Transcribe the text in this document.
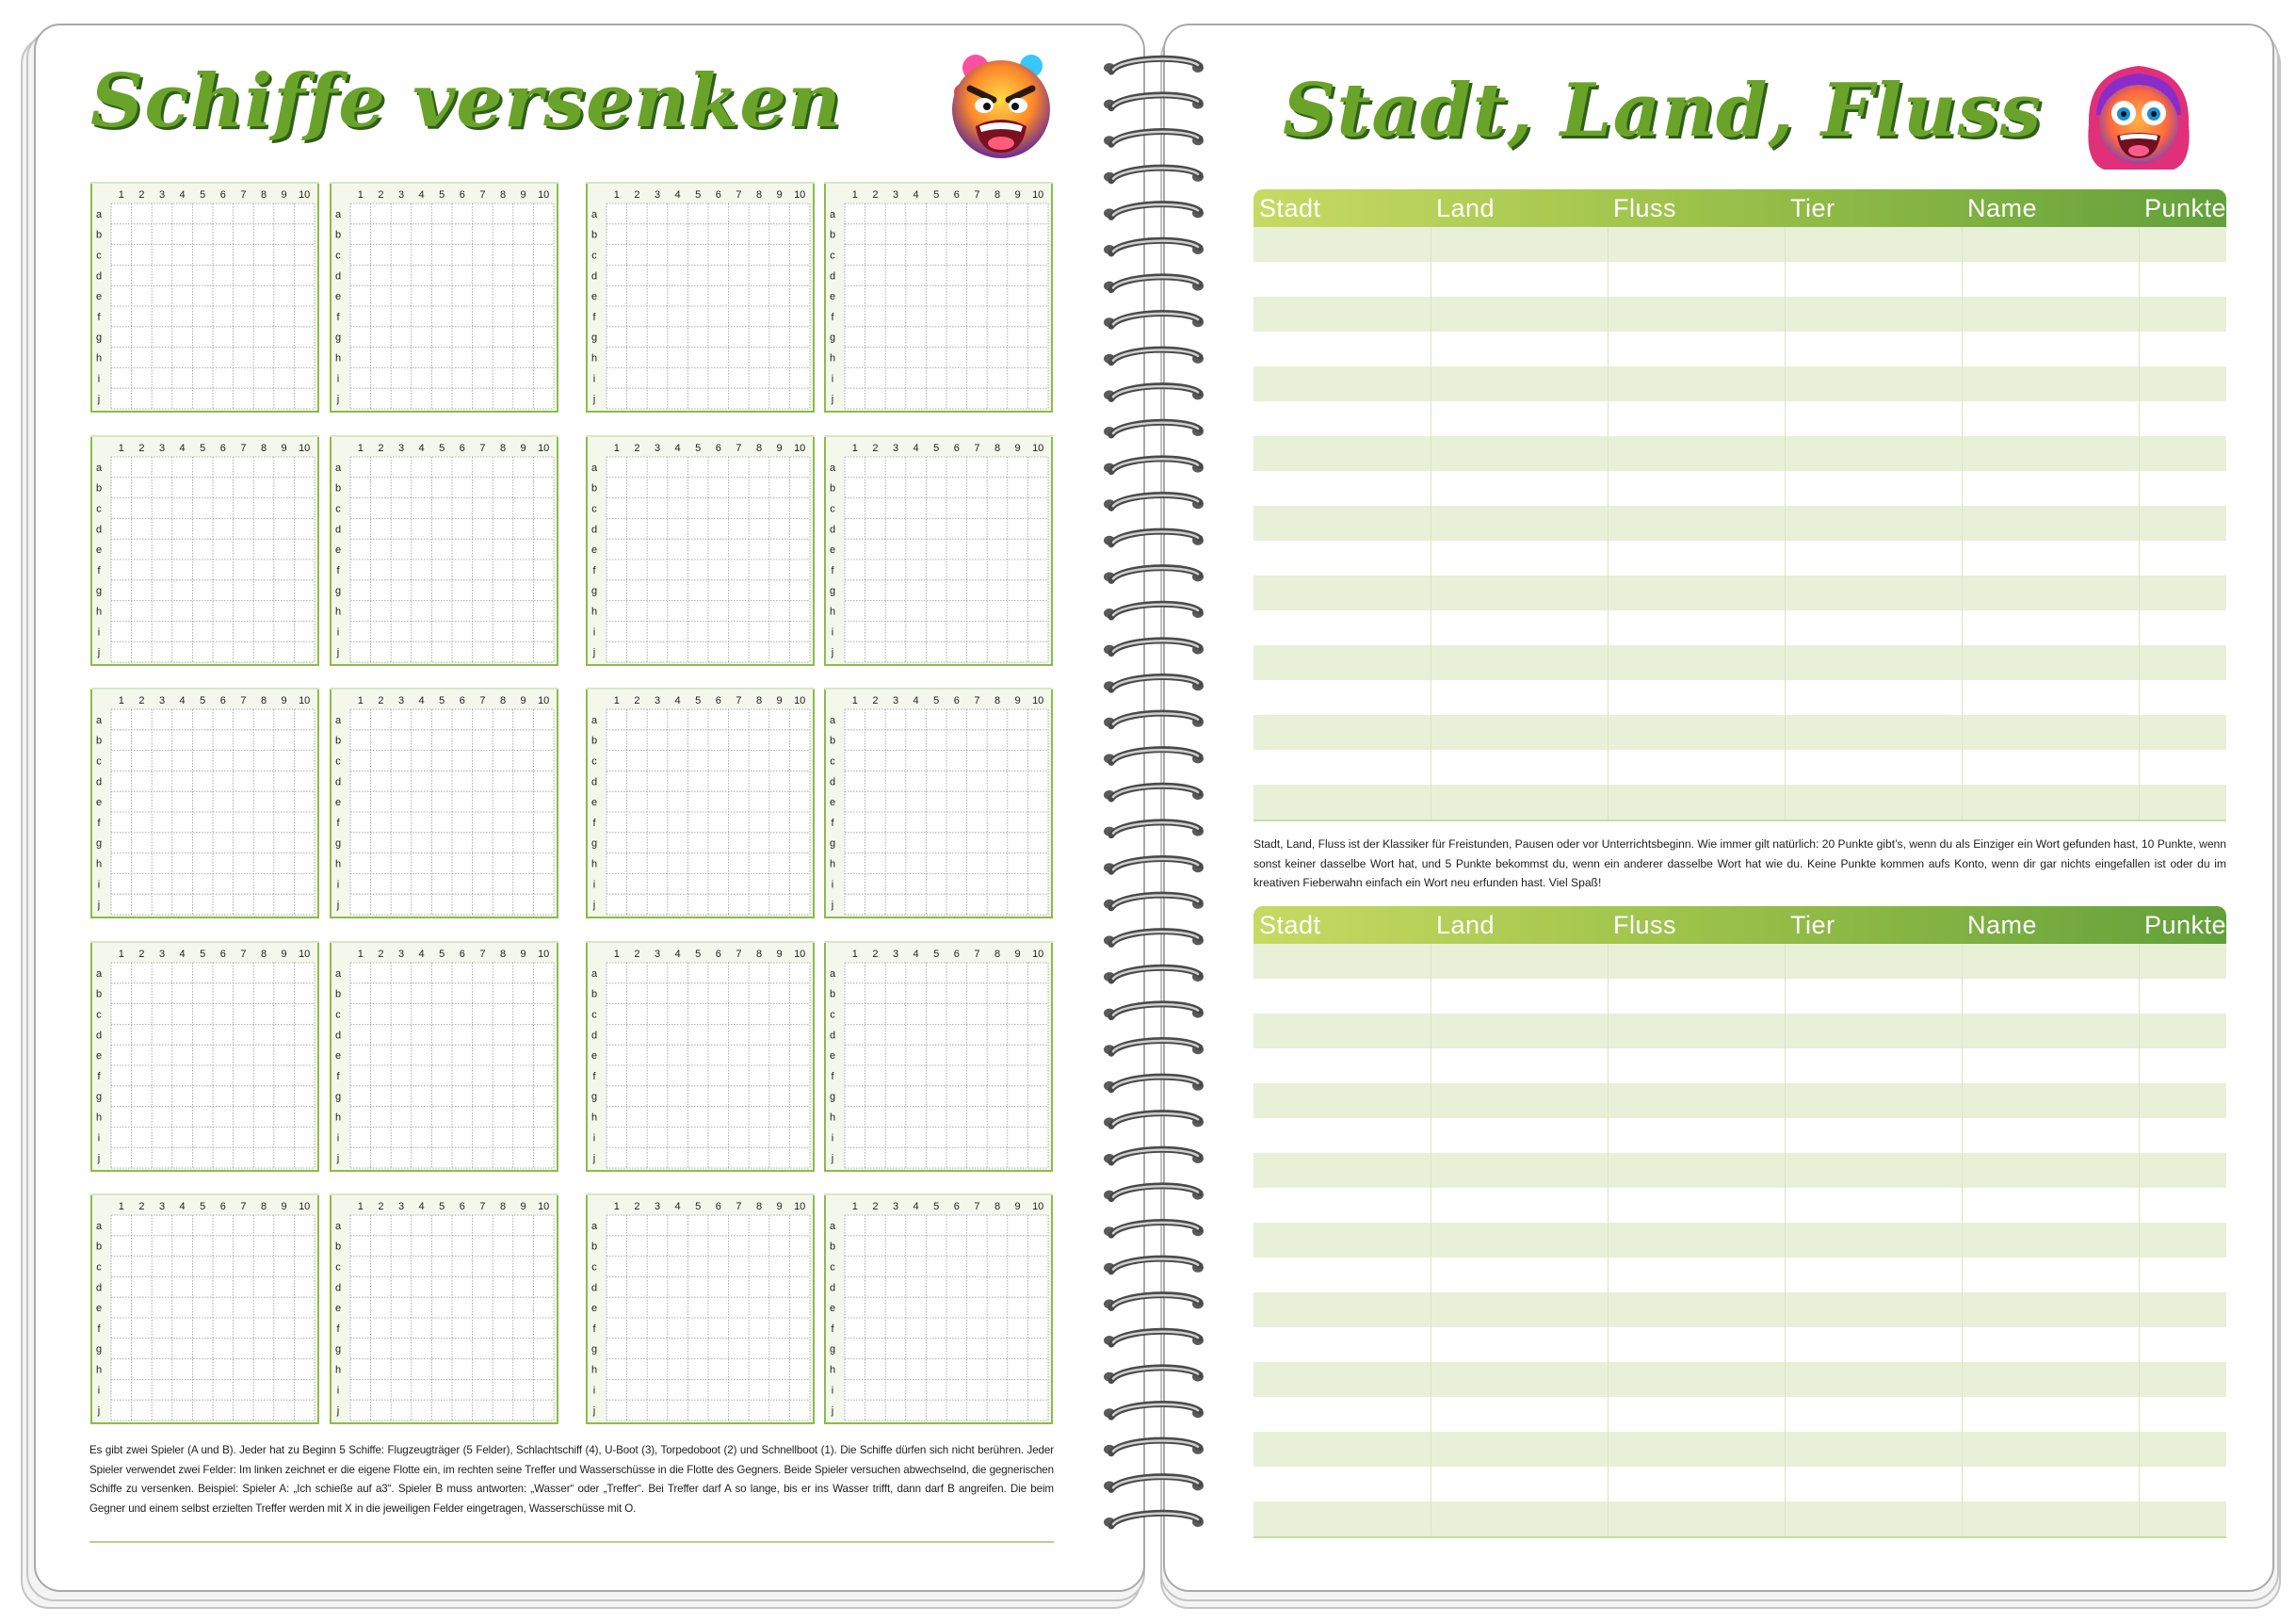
Schiffe versenken
1 2 3 4 5 6 7 8 9 10
a
b
c
d
e
f
g
h
i
j
1 2 3 4 5 6 7 8 9 10
a
b
c
d
e
f
g
h
i
j
1 2 3 4 5 6 7 8 9 10
a
b
c
d
e
f
g
h
i
j
1 2 3 4 5 6 7 8 9 10
a
b
c
d
e
f
g
h
i
j
1 2 3 4 5 6 7 8 9 10
a
b
c
d
e
f
g
h
i
j
1 2 3 4 5 6 7 8 9 10
a
b
c
d
e
f
g
h
i
j
1 2 3 4 5 6 7 8 9 10
a
b
c
d
e
f
g
h
i
j
1 2 3 4 5 6 7 8 9 10
a
b
c
d
e
f
g
h
i
j
1 2 3 4 5 6 7 8 9 10
a
b
c
d
e
f
g
h
i
j
1 2 3 4 5 6 7 8 9 10
a
b
c
d
e
f
g
h
i
j
1 2 3 4 5 6 7 8 9 10
a
b
c
d
e
f
g
h
i
j
1 2 3 4 5 6 7 8 9 10
a
b
c
d
e
f
g
h
i
j
1 2 3 4 5 6 7 8 9 10
a
b
c
d
e
f
g
h
i
j
1 2 3 4 5 6 7 8 9 10
a
b
c
d
e
f
g
h
i
j
1 2 3 4 5 6 7 8 9 10
a
b
c
d
e
f
g
h
i
j
1 2 3 4 5 6 7 8 9 10
a
b
c
d
e
f
g
h
i
j
1 2 3 4 5 6 7 8 9 10
a
b
c
d
e
f
g
h
i
j
1 2 3 4 5 6 7 8 9 10
a
b
c
d
e
f
g
h
i
j
1 2 3 4 5 6 7 8 9 10
a
b
c
d
e
f
g
h
i
j
1 2 3 4 5 6 7 8 9 10
a
b
c
d
e
f
g
h
i
j
Es gibt zwei Spieler (A und B). Jeder hat zu Beginn 5 Schiffe: Flugzeugträger (5 Felder), Schlachtschiff (4), U-Boot (3), Torpedoboot (2) und Schnellboot (1). Die Schiffe dürfen sich nicht berühren. Jeder Spieler verwendet zwei Felder: Im linken zeichnet er die eigene Flotte ein, im rechten seine Treffer und Wasserschüsse in die Flotte des Gegners. Beide Spieler versuchen abwechselnd, die gegnerischen Schiffe zu versenken. Beispiel: Spieler A: „Ich schieße auf a3“. Spieler B muss antworten: „Wasser“ oder „Treffer“. Bei Treffer darf A so lange, bis er ins Wasser trifft, dann darf B angreifen. Die beim Gegner und einem selbst erzielten Treffer werden mit X in die jeweiligen Felder eingetragen, Wasserschüsse mit O.
Stadt, Land, Fluss
Stadt	Land	Fluss	Tier	Name	Punkte
Stadt, Land, Fluss ist der Klassiker für Freistunden, Pausen oder vor Unterrichtsbeginn. Wie immer gilt natürlich: 20 Punkte gibt’s, wenn du als Einziger ein Wort gefunden hast, 10 Punkte, wenn sonst keiner dasselbe Wort hat, und 5 Punkte bekommst du, wenn ein anderer dasselbe Wort hat wie du. Keine Punkte kommen aufs Konto, wenn dir gar nichts eingefallen ist oder du im kreativen Fieberwahn einfach ein Wort neu erfunden hast. Viel Spaß!
Stadt	Land	Fluss	Tier	Name	Punkte
